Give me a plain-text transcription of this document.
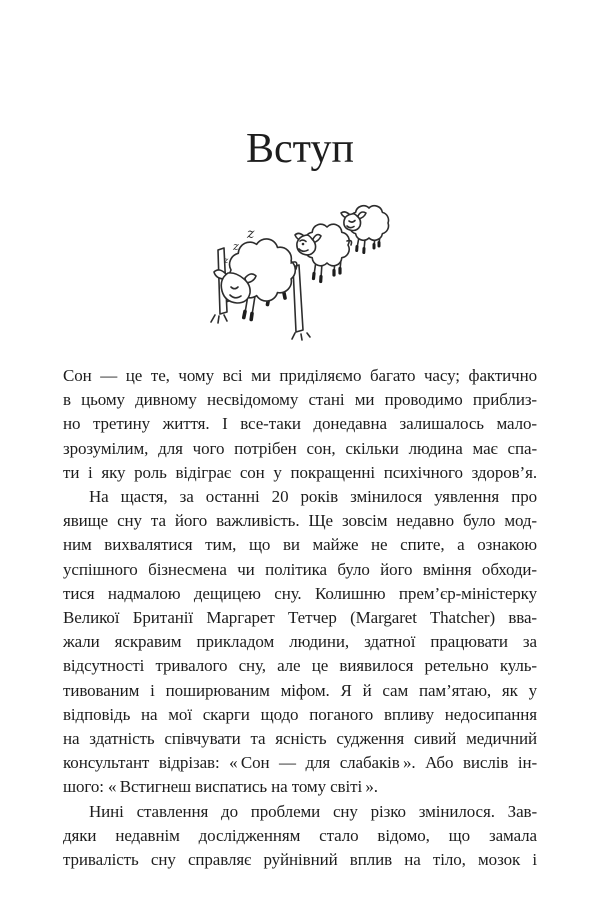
Вступ
z
z
z
Сон — це те, чому всі ми приділяємо багато часу; фактично
в цьому дивному несвідомому стані ми проводимо приблиз-
но третину життя. І все-таки донедавна залишалось мало-
зрозумілим, для чого потрібен сон, скільки людина має спа-
ти і яку роль відіграє сон у покращенні психічного здоров’я.
На щастя, за останні 20 років змінилося уявлення про
явище сну та його важливість. Ще зовсім недавно було мод-
ним вихвалятися тим, що ви майже не спите, а ознакою
успішного бізнесмена чи політика було його вміння обходи-
тися надмалою дещицею сну. Колишню прем’єр-міністерку
Великої Британії Маргарет Тетчер (Margaret Thatcher) вва-
жали яскравим прикладом людини, здатної працювати за
відсутності тривалого сну, але це виявилося ретельно куль-
тивованим і поширюваним міфом. Я й сам пам’ятаю, як у
відповідь на мої скарги щодо поганого впливу недосипання
на здатність співчувати та ясність судження сивий медичний
консультант відрізав: « Сон — для слабаків ». Або вислів ін-
шого: « Встигнеш виспатись на тому світі ».
Нині ставлення до проблеми сну різко змінилося. Зав-
дяки недавнім дослідженням стало відомо, що замала
тривалість сну справляє руйнівний вплив на тіло, мозок і
